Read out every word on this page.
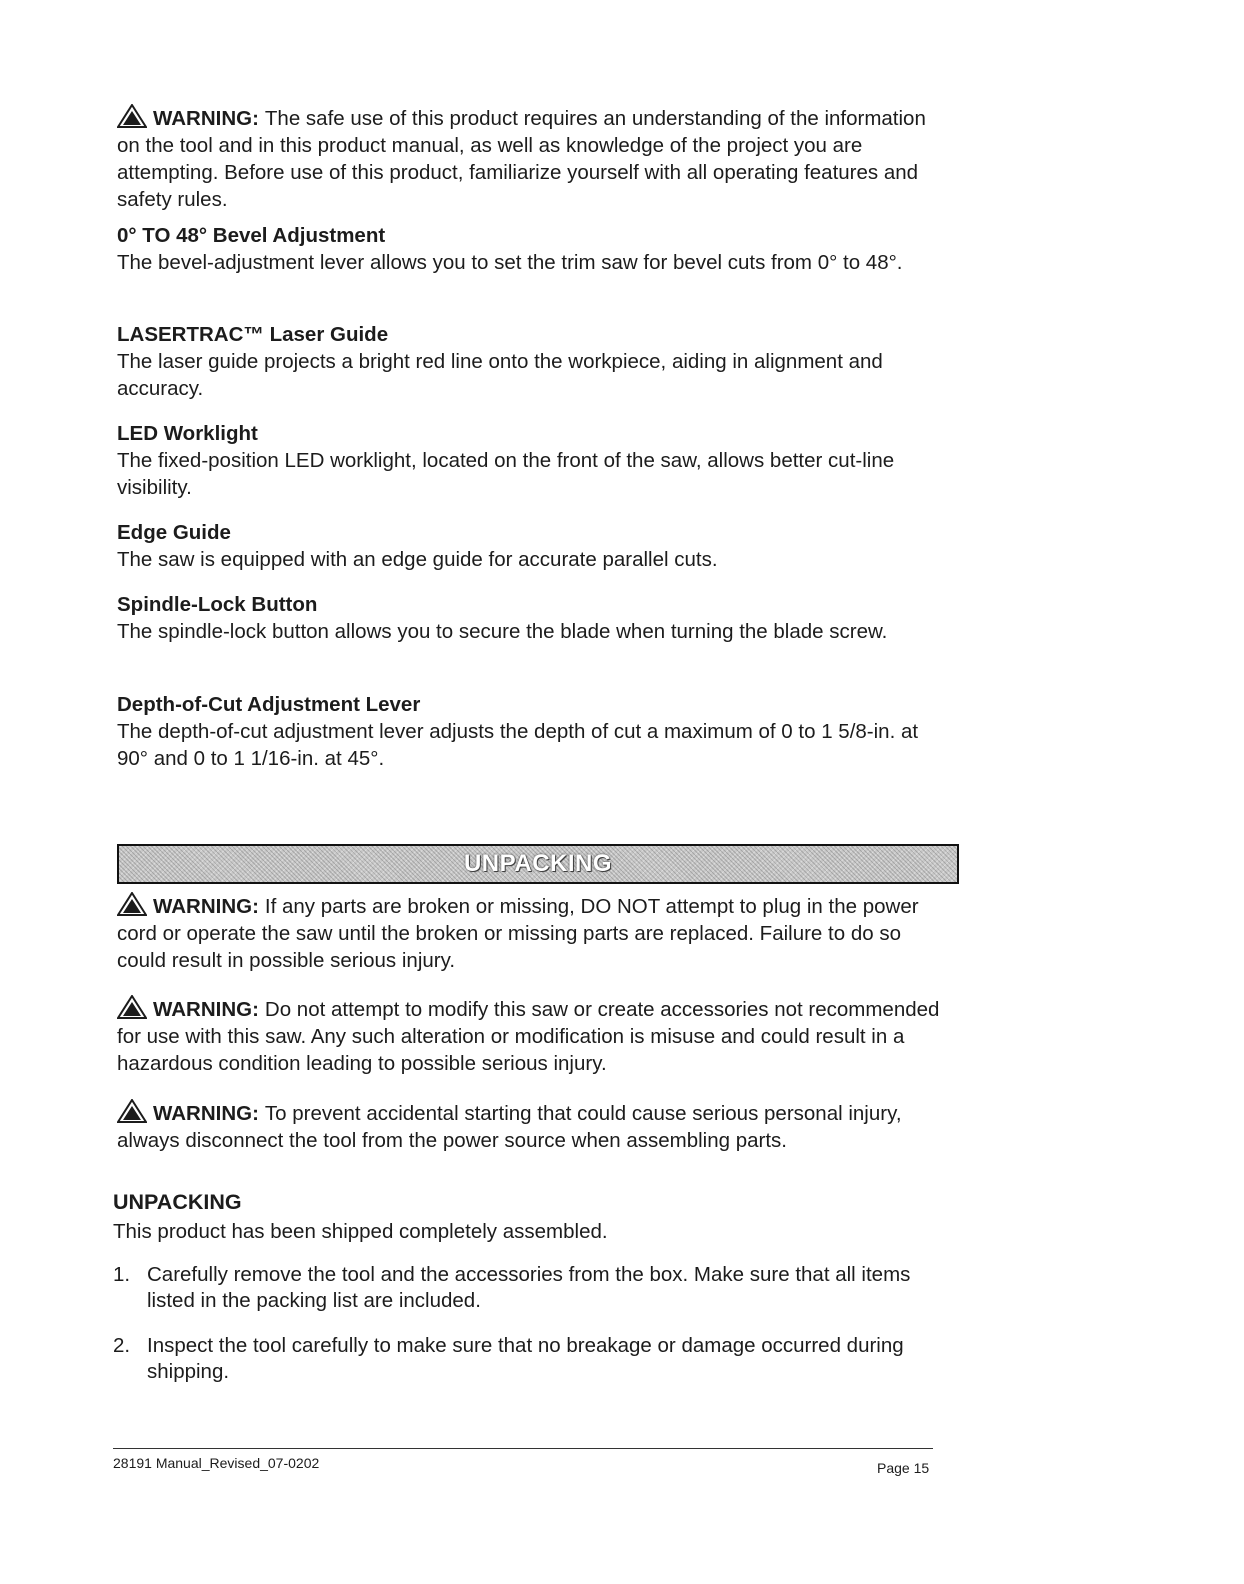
WARNING: The safe use of this product requires an understanding of the information on the tool and in this product manual, as well as knowledge of the project you are attempting. Before use of this product, familiarize yourself with all operating features and safety rules.

0° TO 48° Bevel Adjustment

The bevel-adjustment lever allows you to set the trim saw for bevel cuts from 0° to 48°.

LASERTRAC™ Laser Guide

The laser guide projects a bright red line onto the workpiece, aiding in alignment and accuracy.

LED Worklight

The fixed-position LED worklight, located on the front of the saw, allows better cut-line visibility.

Edge Guide

The saw is equipped with an edge guide for accurate parallel cuts.

Spindle-Lock Button

The spindle-lock button allows you to secure the blade when turning the blade screw.

Depth-of-Cut Adjustment Lever

The depth-of-cut adjustment lever adjusts the depth of cut a maximum of 0 to 1 5/8-in. at 90° and 0 to 1 1/16-in. at 45°.

UNPACKING

WARNING: If any parts are broken or missing, DO NOT attempt to plug in the power cord or operate the saw until the broken or missing parts are replaced. Failure to do so could result in possible serious injury.

WARNING: Do not attempt to modify this saw or create accessories not recommended for use with this saw. Any such alteration or modification is misuse and could result in a hazardous condition leading to possible serious injury.

WARNING: To prevent accidental starting that could cause serious personal injury, always disconnect the tool from the power source when assembling parts.

UNPACKING
This product has been shipped completely assembled.
1. Carefully remove the tool and the accessories from the box. Make sure that all items listed in the packing list are included.
2. Inspect the tool carefully to make sure that no breakage or damage occurred during shipping.
28191 Manual_Revised_07-0202	Page 15
